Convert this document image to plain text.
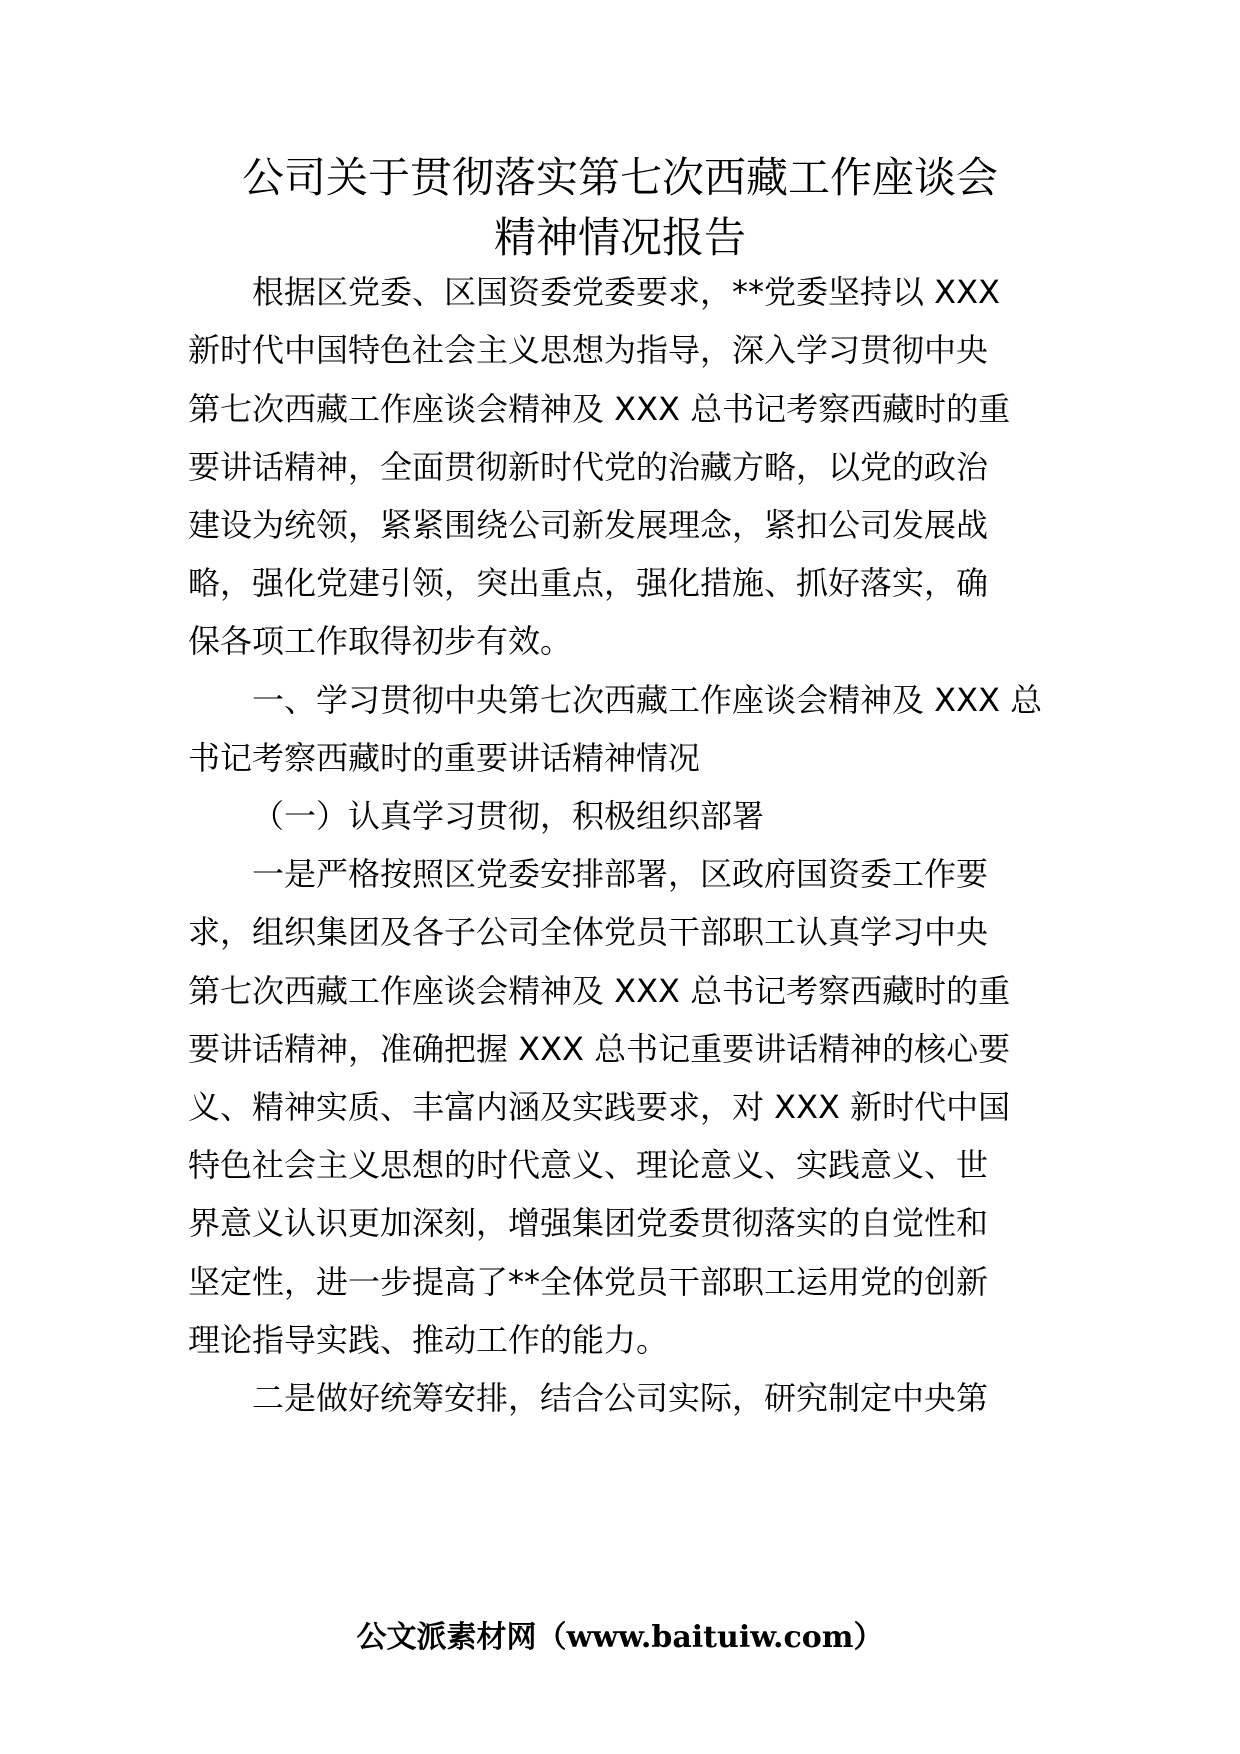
公司关于贯彻落实第七次西藏工作座谈会
精神情况报告
根据区党委、区国资委党委要求，**党委坚持以 XXX
新时代中国特色社会主义思想为指导，深入学习贯彻中央
第七次西藏工作座谈会精神及 XXX 总书记考察西藏时的重
要讲话精神，全面贯彻新时代党的治藏方略，以党的政治
建设为统领，紧紧围绕公司新发展理念，紧扣公司发展战
略，强化党建引领，突出重点，强化措施、抓好落实，确
保各项工作取得初步有效。
一、学习贯彻中央第七次西藏工作座谈会精神及 XXX 总
书记考察西藏时的重要讲话精神情况
（一）认真学习贯彻，积极组织部署
一是严格按照区党委安排部署，区政府国资委工作要
求，组织集团及各子公司全体党员干部职工认真学习中央
第七次西藏工作座谈会精神及 XXX 总书记考察西藏时的重
要讲话精神，准确把握 XXX 总书记重要讲话精神的核心要
义、精神实质、丰富内涵及实践要求，对 XXX 新时代中国
特色社会主义思想的时代意义、理论意义、实践意义、世
界意义认识更加深刻，增强集团党委贯彻落实的自觉性和
坚定性，进一步提高了**全体党员干部职工运用党的创新
理论指导实践、推动工作的能力。
二是做好统筹安排，结合公司实际，研究制定中央第
公文派素材网（www.baituiw.com）
